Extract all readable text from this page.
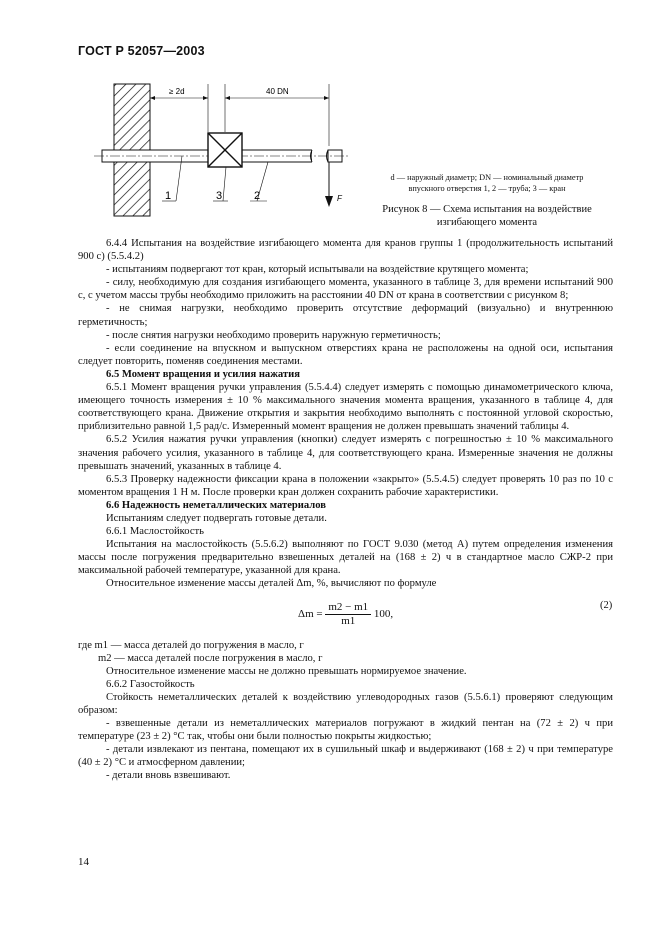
ГОСТ Р 52057—2003
≥ 2d	40 DN
F
1	3	2
d — наружный диаметр; DN — номинальный диаметр впускного отверстия 1, 2 — труба; 3 — кран
Рисунок 8 — Схема испытания на воздействие изгибающего момента

6.4.4 Испытания на воздействие изгибающего момента для кранов группы 1 (продолжительность испытаний 900 с) (5.5.4.2)

- испытаниям подвергают тот кран, который испытывали на воздействие крутящего момента;

- силу, необходимую для создания изгибающего момента, указанного в таблице 3, для времени испытаний 900 с, с учетом массы трубы необходимо приложить на расстоянии 40 DN от крана в соответствии с рисунком 8;

- не снимая нагрузки, необходимо проверить отсутствие деформаций (визуально) и внутреннюю герметичность;

- после снятия нагрузки необходимо проверить наружную герметичность;

- если соединение на впускном и выпускном отверстиях крана не расположены на одной оси, испытания следует повторить, поменяв соединения местами.

6.5 Момент вращения и усилия нажатия

6.5.1 Момент вращения ручки управления (5.5.4.4) следует измерять с помощью динамометрического ключа, имеющего точность измерения ± 10 % максимального значения момента вращения, указанного в таблице 4, для соответствующего крана. Движение открытия и закрытия необходимо выполнять с постоянной угловой скоростью, приблизительно равной 1,5 рад/с. Измеренный момент вращения не должен превышать значений таблицы 4.

6.5.2 Усилия нажатия ручки управления (кнопки) следует измерять с погрешностью ± 10 % максимального значения рабочего усилия, указанного в таблице 4, для соответствующего крана. Измеренные значения не должны превышать значений, указанных в таблице 4.

6.5.3 Проверку надежности фиксации крана в положении «закрыто» (5.5.4.5) следует проверять 10 раз по 10 с моментом вращения 1 Н м. После проверки кран должен сохранить рабочие характеристики.

6.6 Надежность неметаллических материалов

Испытаниям следует подвергать готовые детали.

6.6.1 Маслостойкость

Испытания на маслостойкость (5.5.6.2) выполняют по ГОСТ 9.030 (метод А) путем определения изменения массы после погружения предварительно взвешенных деталей на (168 ± 2) ч в стандартное масло СЖР-2 при максимальной рабочей температуре, указанной для крана.

Относительное изменение массы деталей Δm, %, вычисляют по формуле

$\Delta m = \frac{m2 - m1}{m1} 100$,
(2)

где m1 — масса деталей до погружения в масло, г

m2 — масса деталей после погружения в масло, г

Относительное изменение массы не должно превышать нормируемое значение.

6.6.2 Газостойкость

Стойкость неметаллических деталей к воздействию углеводородных газов (5.5.6.1) проверяют следующим образом:

- взвешенные детали из неметаллических материалов погружают в жидкий пентан на (72 ± 2) ч при температуре (23 ± 2) °С так, чтобы они были полностью покрыты жидкостью;

- детали извлекают из пентана, помещают их в сушильный шкаф и выдерживают (168 ± 2) ч при температуре (40 ± 2) °С и атмосферном давлении;

- детали вновь взвешивают.

14
